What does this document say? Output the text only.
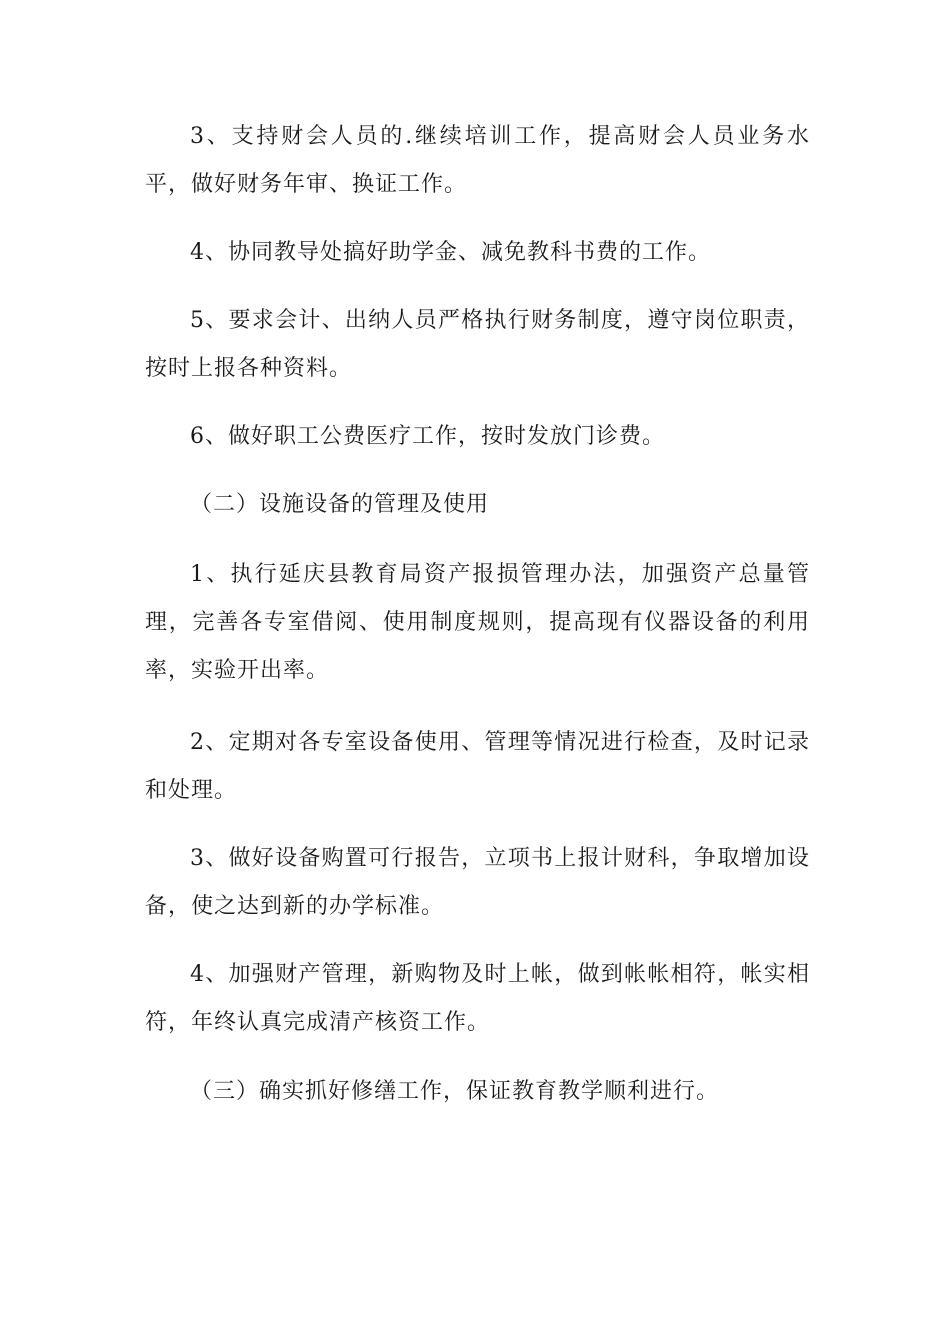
3、支持财会人员的.继续培训工作，提高财会人员业务水平，做好财务年审、换证工作。

4、协同教导处搞好助学金、减免教科书费的工作。

5、要求会计、出纳人员严格执行财务制度，遵守岗位职责，按时上报各种资料。

6、做好职工公费医疗工作，按时发放门诊费。

（二）设施设备的管理及使用

1、执行延庆县教育局资产报损管理办法，加强资产总量管理，完善各专室借阅、使用制度规则，提高现有仪器设备的利用率，实验开出率。

2、定期对各专室设备使用、管理等情况进行检查，及时记录和处理。

3、做好设备购置可行报告，立项书上报计财科，争取增加设备，使之达到新的办学标准。

4、加强财产管理，新购物及时上帐，做到帐帐相符，帐实相符，年终认真完成清产核资工作。

（三）确实抓好修缮工作，保证教育教学顺利进行。
